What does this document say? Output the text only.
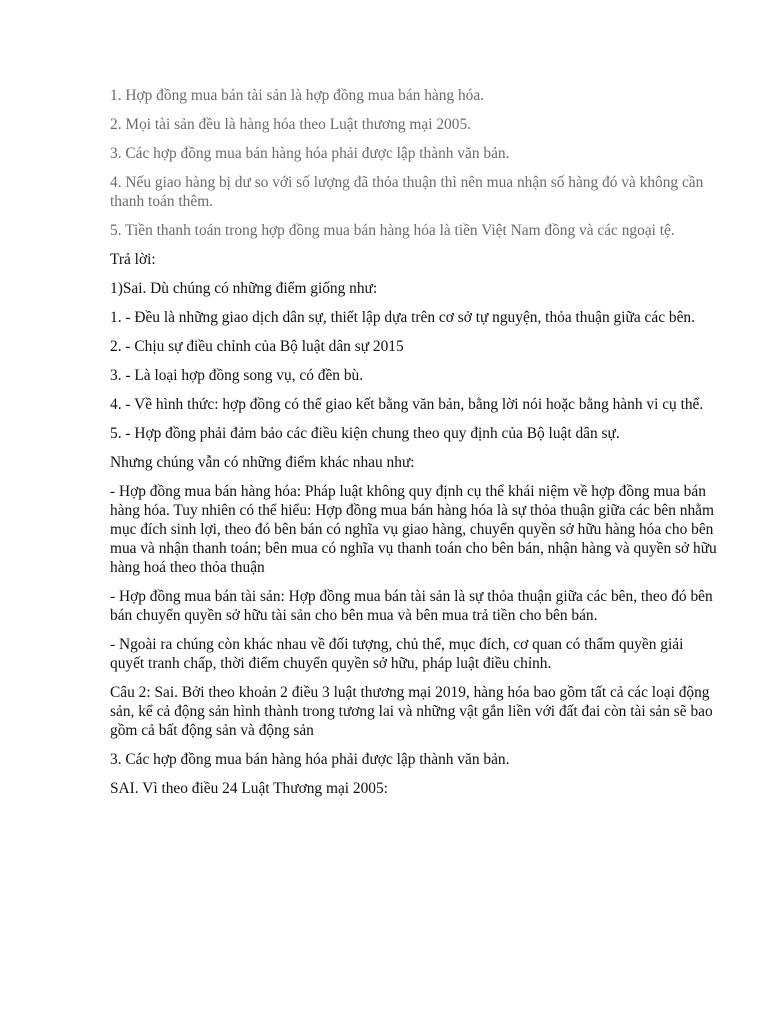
1. Hợp đồng mua bán tài sản là hợp đồng mua bán hàng hóa.

2. Mọi tài sản đều là hàng hóa theo Luật thương mại 2005.

3. Các hợp đồng mua bán hàng hóa phải được lập thành văn bản.

4. Nếu giao hàng bị dư so với số lượng đã thỏa thuận thì nên mua nhận số hàng đó và không cần thanh toán thêm.

5. Tiền thanh toán trong hợp đồng mua bán hàng hóa là tiền Việt Nam đồng và các ngoại tệ.

Trả lời:

1)Sai. Dù chúng có những điểm giống như:

1. - Đều là những giao dịch dân sự, thiết lập dựa trên cơ sở tự nguyện, thỏa thuận giữa các bên.

2. - Chịu sự điều chỉnh của Bộ luật dân sự 2015

3. - Là loại hợp đồng song vụ, có đền bù.

4. - Về hình thức: hợp đồng có thể giao kết bằng văn bản, bằng lời nói hoặc bằng hành vi cụ thể.

5. - Hợp đồng phải đảm bảo các điều kiện chung theo quy định của Bộ luật dân sự.

Nhưng chúng vẫn có những điểm khác nhau như:

- Hợp đồng mua bán hàng hóa: Pháp luật không quy định cụ thể khái niệm về hợp đồng mua bán hàng hóa. Tuy nhiên có thể hiểu: Hợp đồng mua bán hàng hóa là sự thỏa thuận giữa các bên nhằm mục đích sinh lợi, theo đó bên bán có nghĩa vụ giao hàng, chuyển quyền sở hữu hàng hóa cho bên mua và nhận thanh toán; bên mua có nghĩa vụ thanh toán cho bên bán, nhận hàng và quyền sở hữu hàng hoá theo thỏa thuận

- Hợp đồng mua bán tài sản: Hợp đồng mua bán tài sản là sự thỏa thuận giữa các bên, theo đó bên bán chuyển quyền sở hữu tài sản cho bên mua và bên mua trả tiền cho bên bán.

- Ngoài ra chúng còn khác nhau về đối tượng, chủ thể, mục đích, cơ quan có thẩm quyền giải quyết tranh chấp, thời điểm chuyển quyền sở hữu, pháp luật điều chỉnh.

Câu 2: Sai. Bởi theo khoản 2 điều 3 luật thương mại 2019, hàng hóa bao gồm tất cả các loại động sản, kể cả động sản hình thành trong tương lai và những vật gắn liền với đất đai còn tài sản sẽ bao gồm cả bất động sản và động sản

3. Các hợp đồng mua bán hàng hóa phải được lập thành văn bản.

SAI. Vì theo điều 24 Luật Thương mại 2005:
